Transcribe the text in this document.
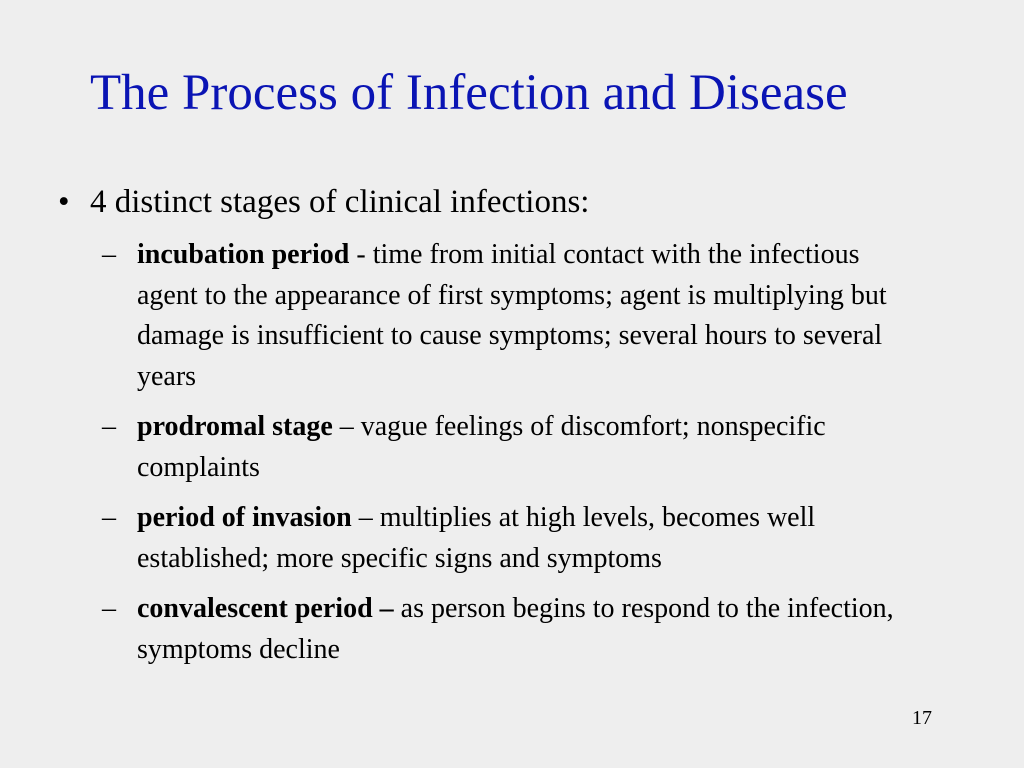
The Process of Infection and Disease
• 4 distinct stages of clinical infections:
– incubation period - time from initial contact with the infectious agent to the appearance of first symptoms; agent is multiplying but damage is insufficient to cause symptoms; several hours to several years
– prodromal stage – vague feelings of discomfort; nonspecific complaints
– period of invasion – multiplies at high levels, becomes well established; more specific signs and symptoms
– convalescent period – as person begins to respond to the infection, symptoms decline
17
